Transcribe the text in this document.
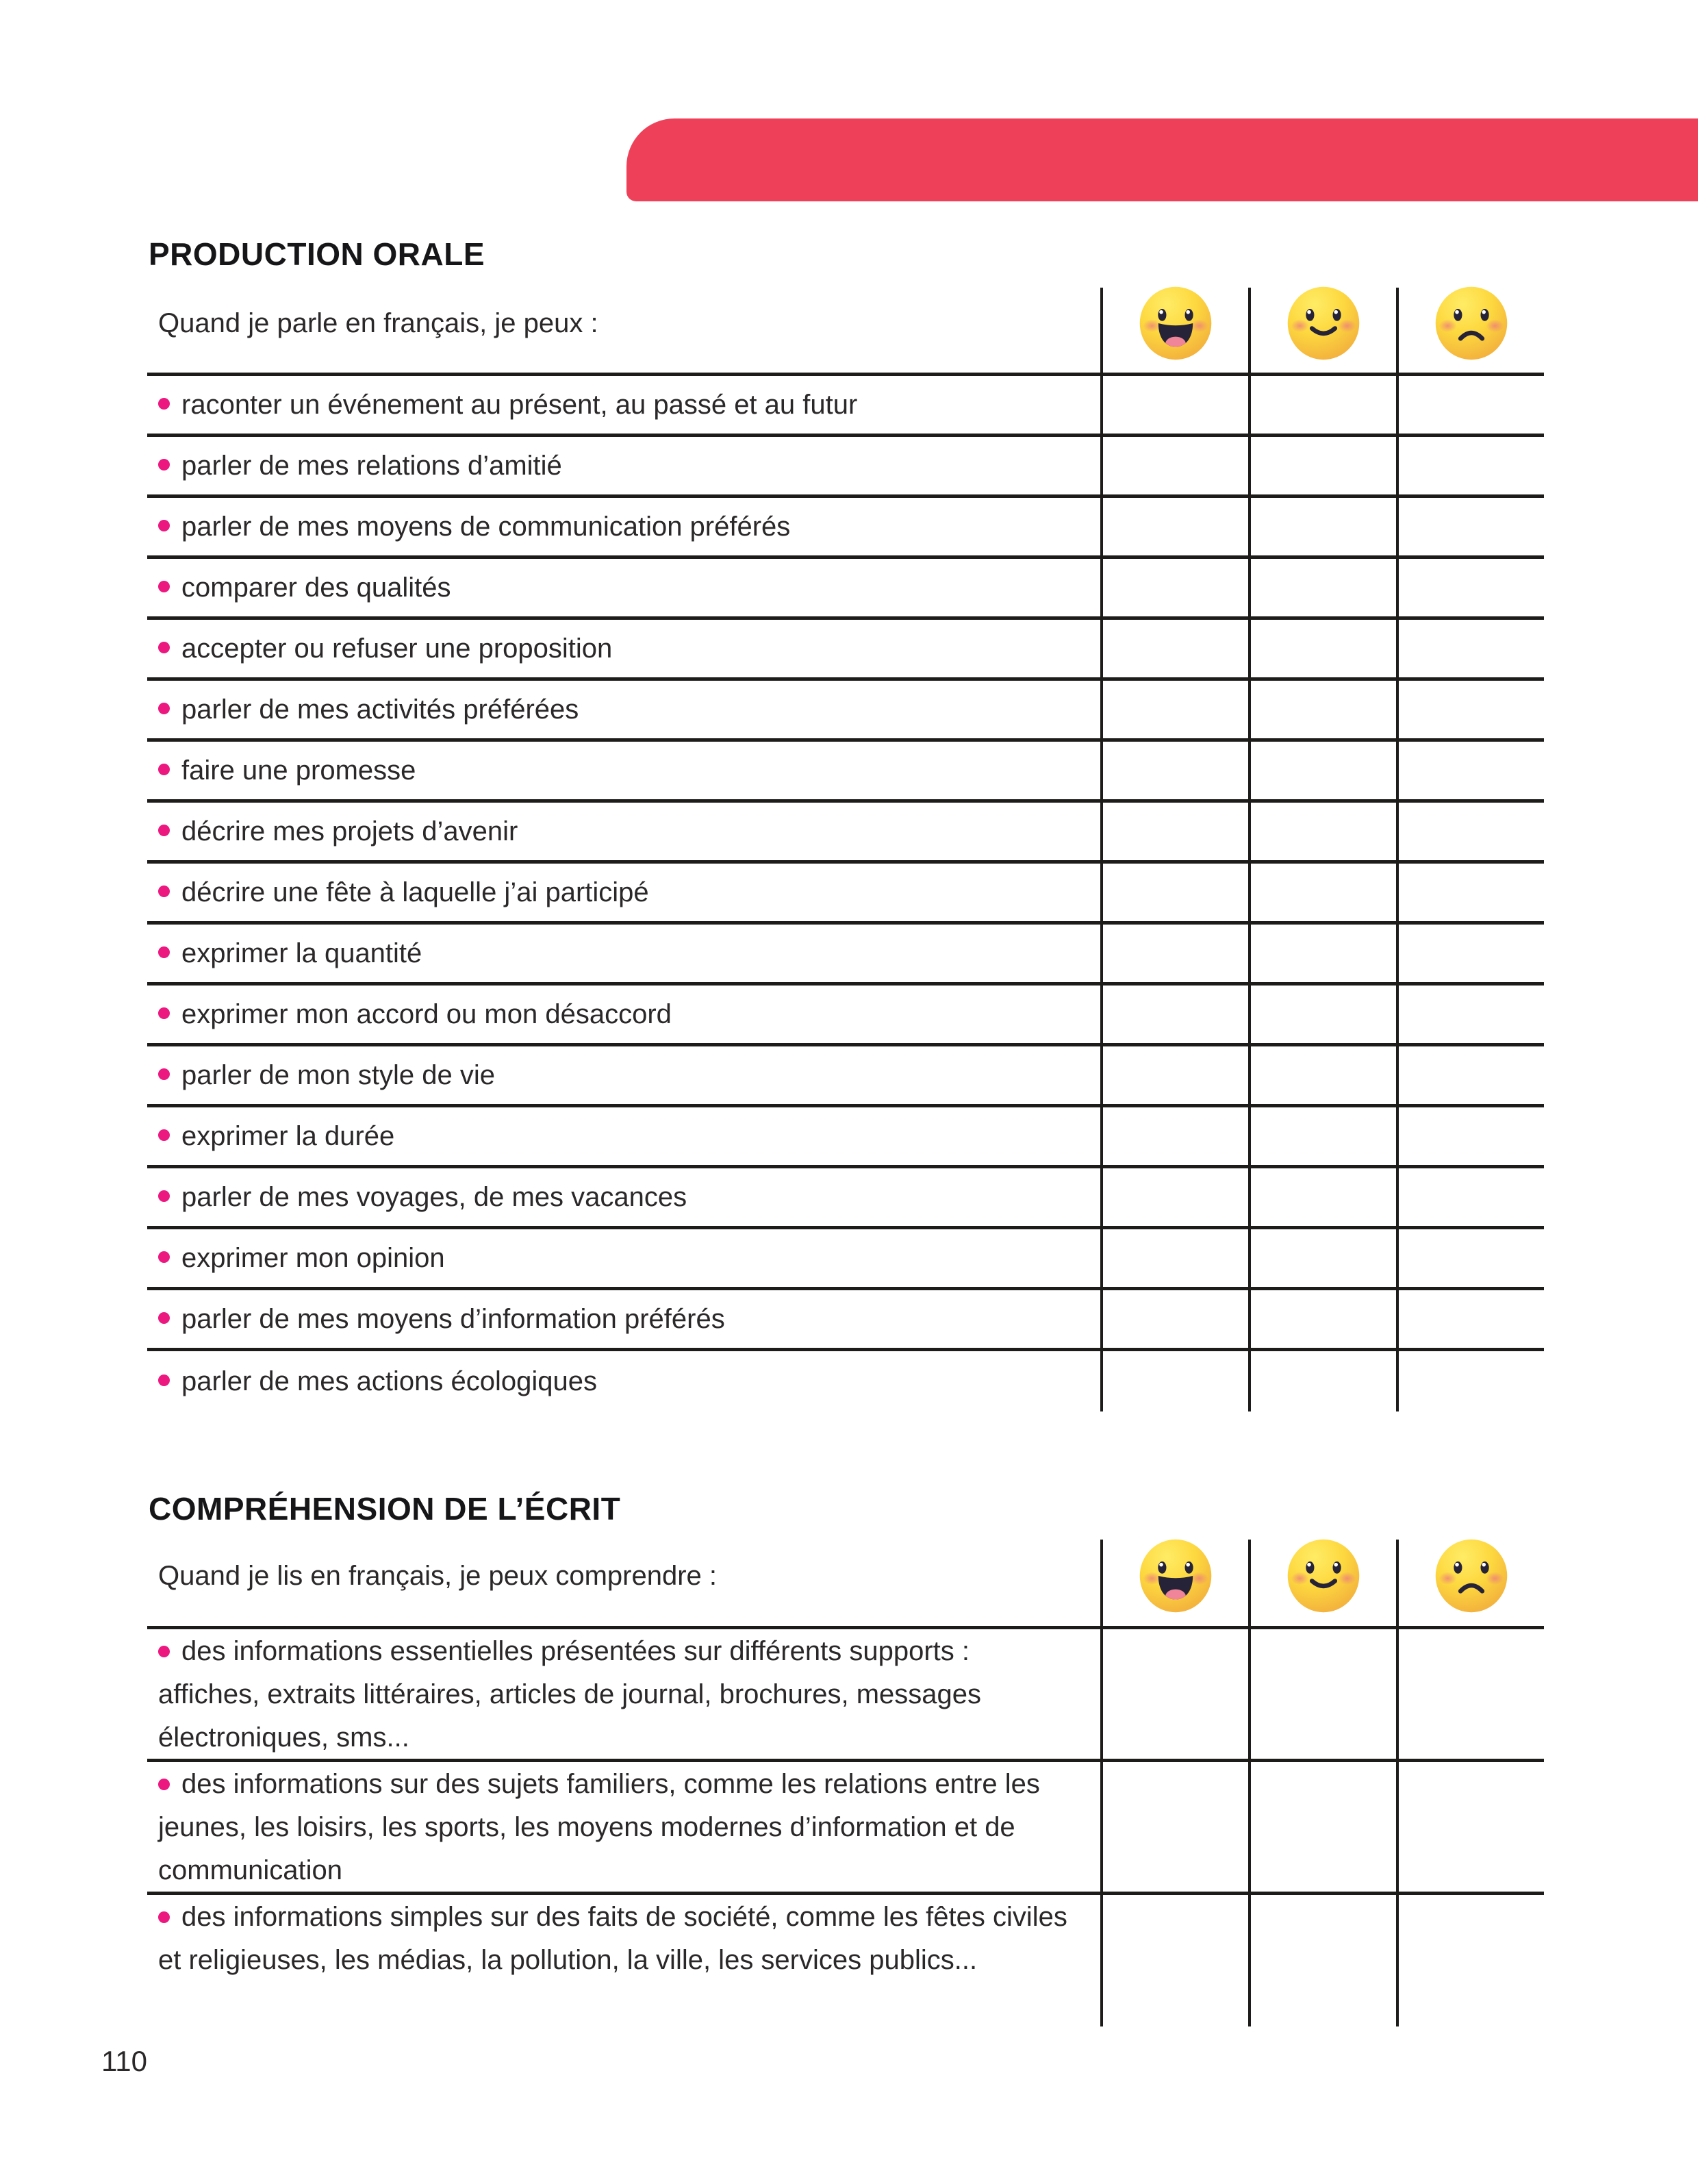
PRODUCTION ORALE
Quand je parle en français, je peux :
raconter un événement au présent, au passé et au futur
parler de mes relations d’amitié
parler de mes moyens de communication préférés
comparer des qualités
accepter ou refuser une proposition
parler de mes activités préférées
faire une promesse
décrire mes projets d’avenir
décrire une fête à laquelle j’ai participé
exprimer la quantité
exprimer mon accord ou mon désaccord
parler de mon style de vie
exprimer la durée
parler de mes voyages, de mes vacances
exprimer mon opinion
parler de mes moyens d’information préférés
parler de mes actions écologiques
COMPRÉHENSION DE L’ÉCRIT
Quand je lis en français, je peux comprendre :
des informations essentielles présentées sur différents supports : affiches, extraits littéraires, articles de journal, brochures, messages électroniques, sms...
des informations sur des sujets familiers, comme les relations entre les jeunes, les loisirs, les sports, les moyens modernes d’information et de communication
des informations simples sur des faits de société, comme les fêtes civiles et religieuses, les médias, la pollution, la ville, les services publics...
110
